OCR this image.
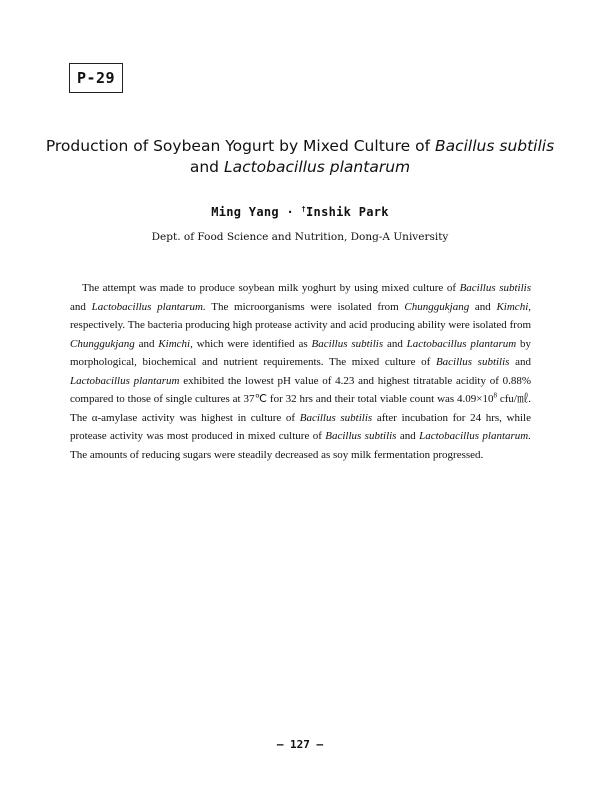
P-29
Production of Soybean Yogurt by Mixed Culture of Bacillus subtilis
and Lactobacillus plantarum
Ming Yang · †Inshik Park
Dept. of Food Science and Nutrition, Dong-A University
The attempt was made to produce soybean milk yoghurt by using mixed culture of Bacillus subtilis and Lactobacillus plantarum. The microorganisms were isolated from Chunggukjang and Kimchi, respectively. The bacteria producing high protease activity and acid producing ability were isolated from Chunggukjang and Kimchi, which were identified as Bacillus subtilis and Lactobacillus plantarum by morphological, biochemical and nutrient requirements. The mixed culture of Bacillus subtilis and Lactobacillus plantarum exhibited the lowest pH value of 4.23 and highest titratable acidity of 0.88% compared to those of single cultures at 37℃ for 32 hrs and their total viable count was $4.09\times 10^8$ cfu/㎖. The α-amylase activity was highest in culture of Bacillus subtilis after incubation for 24 hrs, while protease activity was most produced in mixed culture of Bacillus subtilis and Lactobacillus plantarum. The amounts of reducing sugars were steadily decreased as soy milk fermentation progressed.
– 127 –
